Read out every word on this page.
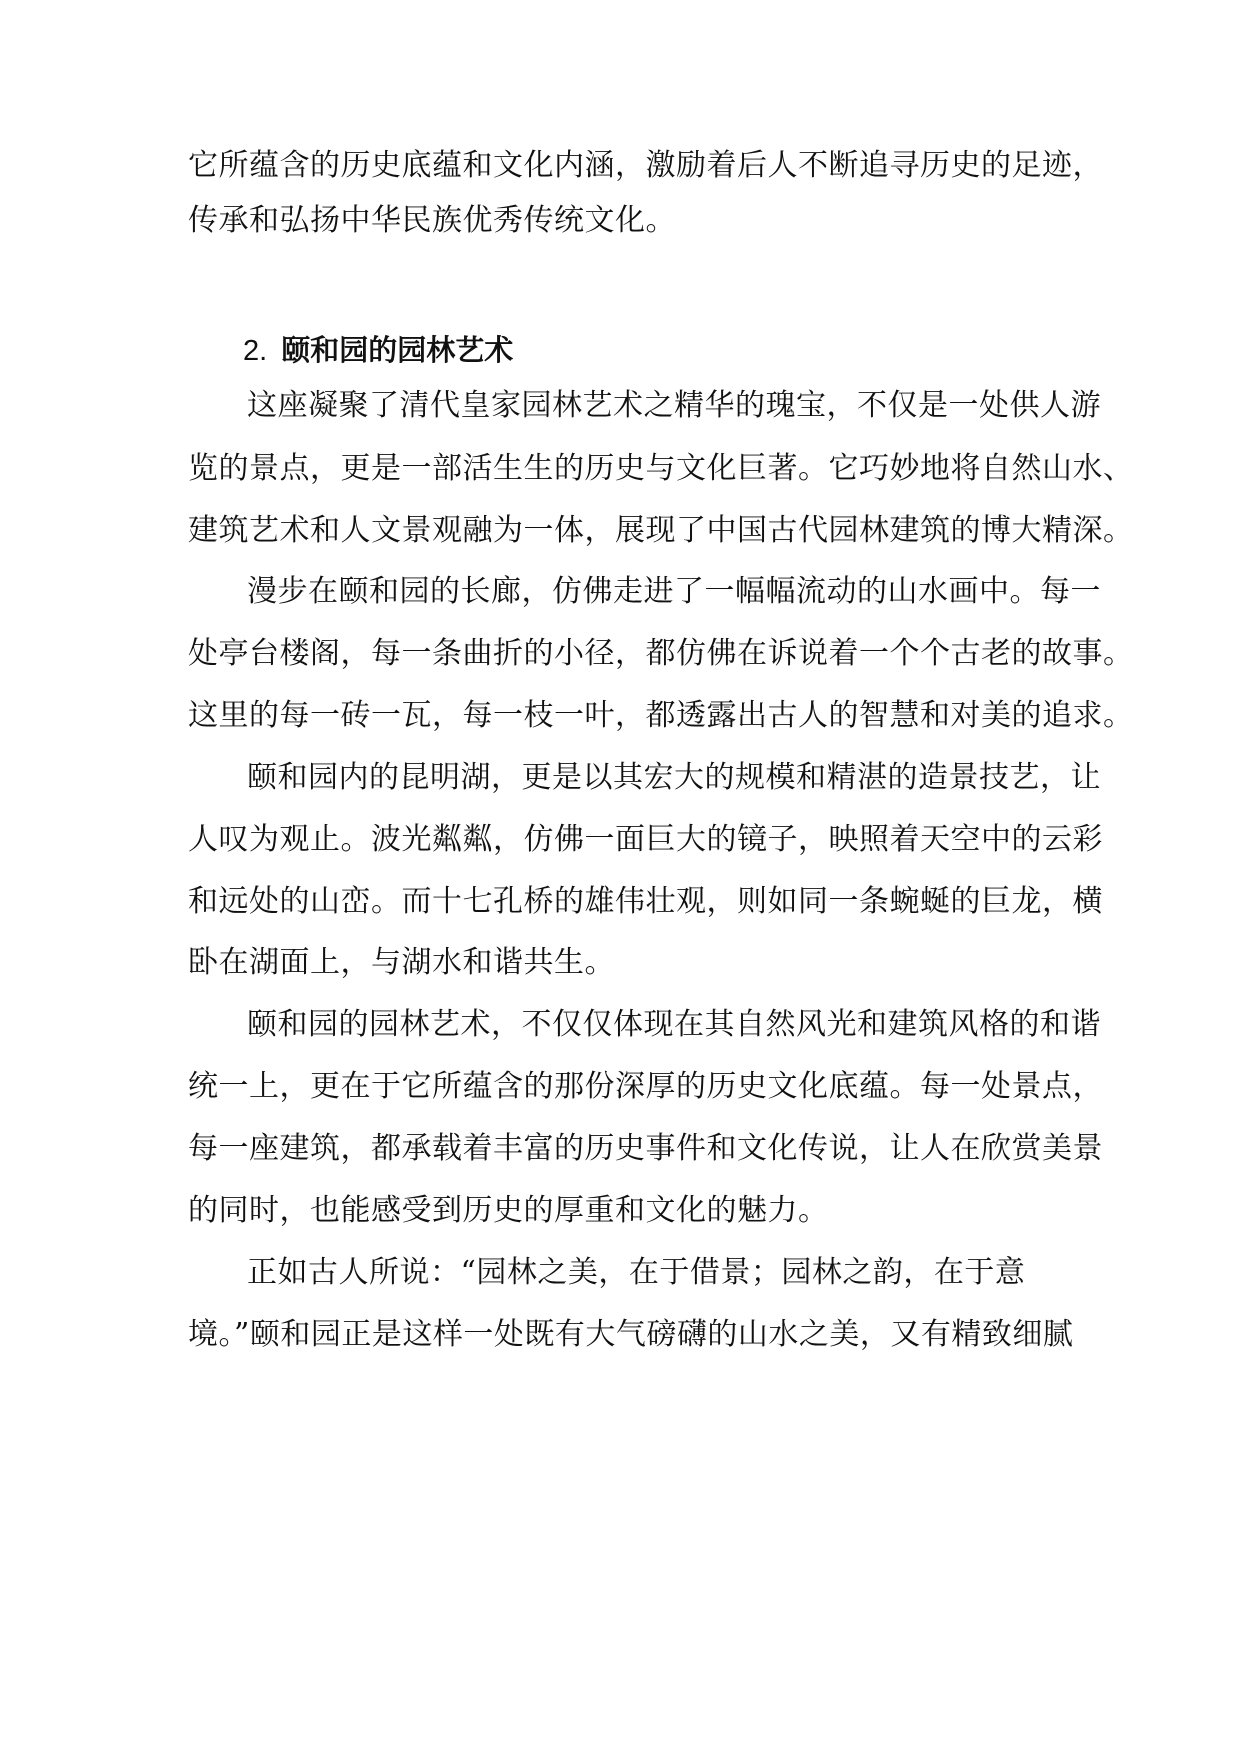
它所蕴含的历史底蕴和文化内涵，激励着后人不断追寻历史的足迹，
传承和弘扬中华民族优秀传统文化。
2. 颐和园的园林艺术
这座凝聚了清代皇家园林艺术之精华的瑰宝，不仅是一处供人游
览的景点，更是一部活生生的历史与文化巨著。它巧妙地将自然山水、
建筑艺术和人文景观融为一体，展现了中国古代园林建筑的博大精深。
漫步在颐和园的长廊，仿佛走进了一幅幅流动的山水画中。每一
处亭台楼阁，每一条曲折的小径，都仿佛在诉说着一个个古老的故事。
这里的每一砖一瓦，每一枝一叶，都透露出古人的智慧和对美的追求。
颐和园内的昆明湖，更是以其宏大的规模和精湛的造景技艺，让
人叹为观止。波光粼粼，仿佛一面巨大的镜子，映照着天空中的云彩
和远处的山峦。而十七孔桥的雄伟壮观，则如同一条蜿蜒的巨龙，横
卧在湖面上，与湖水和谐共生。
颐和园的园林艺术，不仅仅体现在其自然风光和建筑风格的和谐
统一上，更在于它所蕴含的那份深厚的历史文化底蕴。每一处景点，
每一座建筑，都承载着丰富的历史事件和文化传说，让人在欣赏美景
的同时，也能感受到历史的厚重和文化的魅力。
正如古人所说：“园林之美，在于借景；园林之韵，在于意
境。”颐和园正是这样一处既有大气磅礴的山水之美，又有精致细腻
